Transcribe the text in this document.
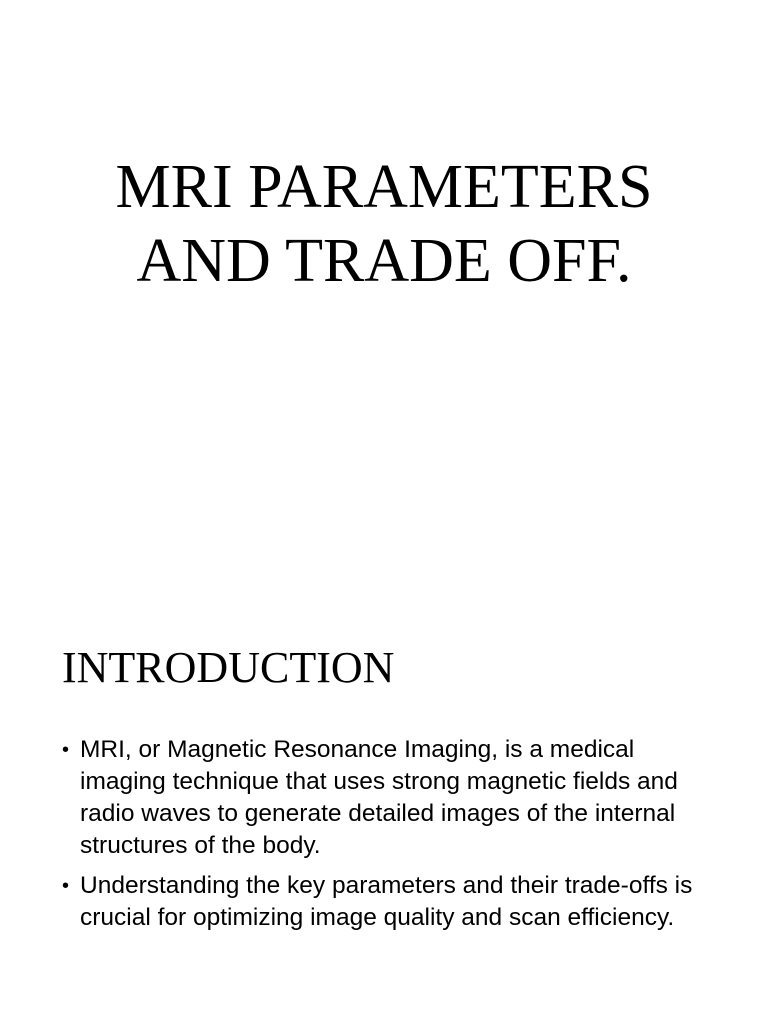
MRI PARAMETERS
AND TRADE OFF.
INTRODUCTION
• MRI, or Magnetic Resonance Imaging, is a medical imaging technique that uses strong magnetic fields and radio waves to generate detailed images of the internal structures of the body.
• Understanding the key parameters and their trade-offs is crucial for optimizing image quality and scan efficiency.
